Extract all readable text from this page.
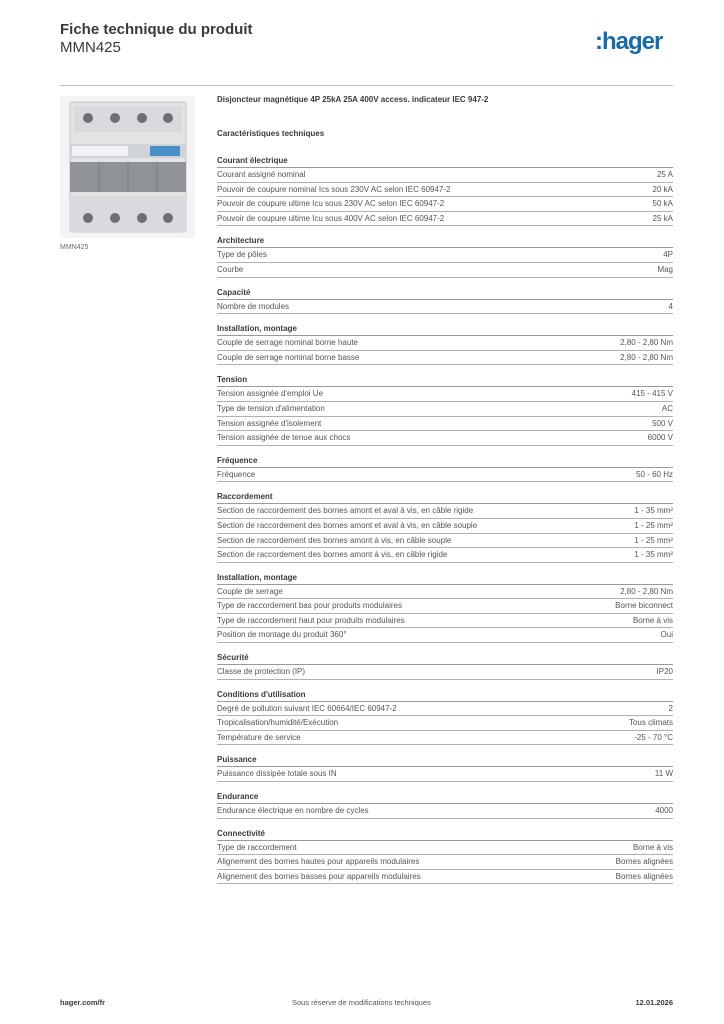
Fiche technique du produit
MMN425	:hager
MMN425
Disjoncteur magnétique 4P 25kA 25A 400V access. indicateur IEC 947-2
Caractéristiques techniques
Courant électrique
Courant assigné nominal	25 A
Pouvoir de coupure nominal Ics sous 230V AC selon IEC 60947-2	20 kA
Pouvoir de coupure ultime Icu sous 230V AC selon IEC 60947-2	50 kA
Pouvoir de coupure ultime Icu sous 400V AC selon IEC 60947-2	25 kA
Architecture
Type de pôles	4P
Courbe	Mag
Capacité
Nombre de modules	4
Installation, montage
Couple de serrage nominal borne haute	2,80 - 2,80 Nm
Couple de serrage nominal borne basse	2,80 - 2,80 Nm
Tension
Tension assignée d'emploi Ue	415 - 415 V
Type de tension d'alimentation	AC
Tension assignée d'isolement	500 V
Tension assignée de tenue aux chocs	6000 V
Fréquence
Fréquence	50 - 60 Hz
Raccordement
Section de raccordement des bornes amont et aval à vis, en câble rigide	1 - 35 mm²
Section de raccordement des bornes amont et aval à vis, en câble souple	1 - 25 mm²
Section de raccordement des bornes amont à vis, en câble souple	1 - 25 mm²
Section de raccordement des bornes amont à vis, en câble rigide	1 - 35 mm²
Installation, montage
Couple de serrage	2,80 - 2,80 Nm
Type de raccordement bas pour produits modulaires	Borne biconnect
Type de raccordement haut pour produits modulaires	Borne à vis
Position de montage du produit 360°	Oui
Sécurité
Classe de protection (IP)	IP20
Conditions d'utilisation
Degré de pollution suivant IEC 60664/IEC 60947-2	2
Tropicalisation/humidité/Exécution	Tous climats
Température de service	-25 - 70 °C
Puissance
Puissance dissipée totale sous IN	11 W
Endurance
Endurance électrique en nombre de cycles	4000
Connectivité
Type de raccordement	Borne à vis
Alignement des bornes hautes pour appareils modulaires	Bornes alignées
Alignement des bornes basses pour appareils modulaires	Bornes alignées
hager.com/fr	Sous réserve de modifications techniques	12.01.2026
